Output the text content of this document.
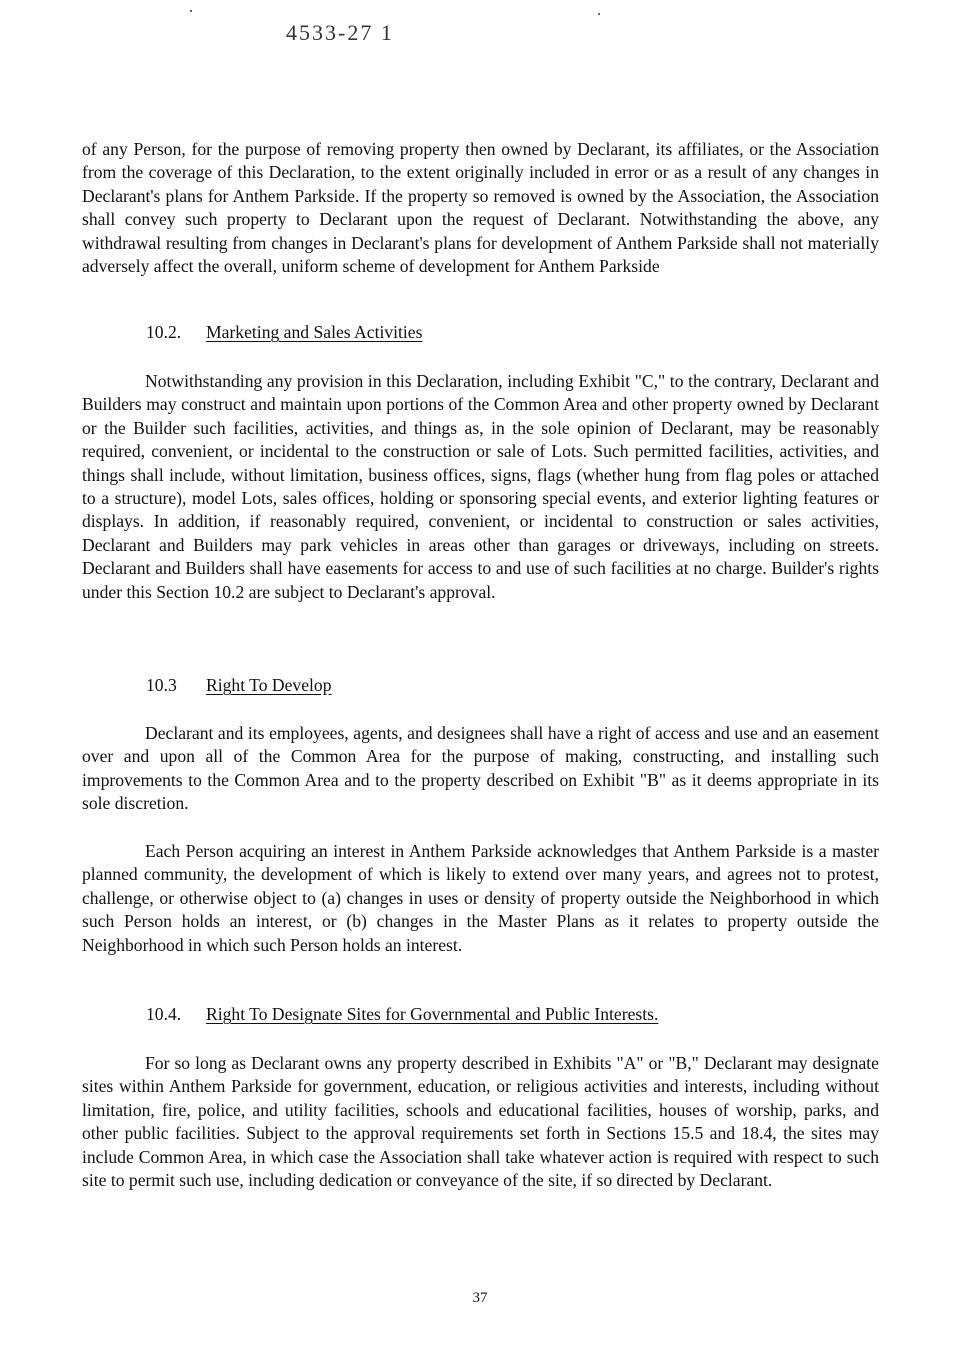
4533-27 1

of any Person, for the purpose of removing property then owned by Declarant, its affiliates, or the Association from the coverage of this Declaration, to the extent originally included in error or as a result of any changes in Declarant's plans for Anthem Parkside. If the property so removed is owned by the Association, the Association shall convey such property to Declarant upon the request of Declarant. Notwithstanding the above, any withdrawal resulting from changes in Declarant's plans for development of Anthem Parkside shall not materially adversely affect the overall, uniform scheme of development for Anthem Parkside

10.2. Marketing and Sales Activities

Notwithstanding any provision in this Declaration, including Exhibit "C," to the contrary, Declarant and Builders may construct and maintain upon portions of the Common Area and other property owned by Declarant or the Builder such facilities, activities, and things as, in the sole opinion of Declarant, may be reasonably required, convenient, or incidental to the construction or sale of Lots. Such permitted facilities, activities, and things shall include, without limitation, business offices, signs, flags (whether hung from flag poles or attached to a structure), model Lots, sales offices, holding or sponsoring special events, and exterior lighting features or displays. In addition, if reasonably required, convenient, or incidental to construction or sales activities, Declarant and Builders may park vehicles in areas other than garages or driveways, including on streets. Declarant and Builders shall have easements for access to and use of such facilities at no charge. Builder's rights under this Section 10.2 are subject to Declarant's approval.

10.3 Right To Develop

Declarant and its employees, agents, and designees shall have a right of access and use and an easement over and upon all of the Common Area for the purpose of making, constructing, and installing such improvements to the Common Area and to the property described on Exhibit "B" as it deems appropriate in its sole discretion.

Each Person acquiring an interest in Anthem Parkside acknowledges that Anthem Parkside is a master planned community, the development of which is likely to extend over many years, and agrees not to protest, challenge, or otherwise object to (a) changes in uses or density of property outside the Neighborhood in which such Person holds an interest, or (b) changes in the Master Plans as it relates to property outside the Neighborhood in which such Person holds an interest.

10.4. Right To Designate Sites for Governmental and Public Interests.

For so long as Declarant owns any property described in Exhibits "A" or "B," Declarant may designate sites within Anthem Parkside for government, education, or religious activities and interests, including without limitation, fire, police, and utility facilities, schools and educational facilities, houses of worship, parks, and other public facilities. Subject to the approval requirements set forth in Sections 15.5 and 18.4, the sites may include Common Area, in which case the Association shall take whatever action is required with respect to such site to permit such use, including dedication or conveyance of the site, if so directed by Declarant.

37
